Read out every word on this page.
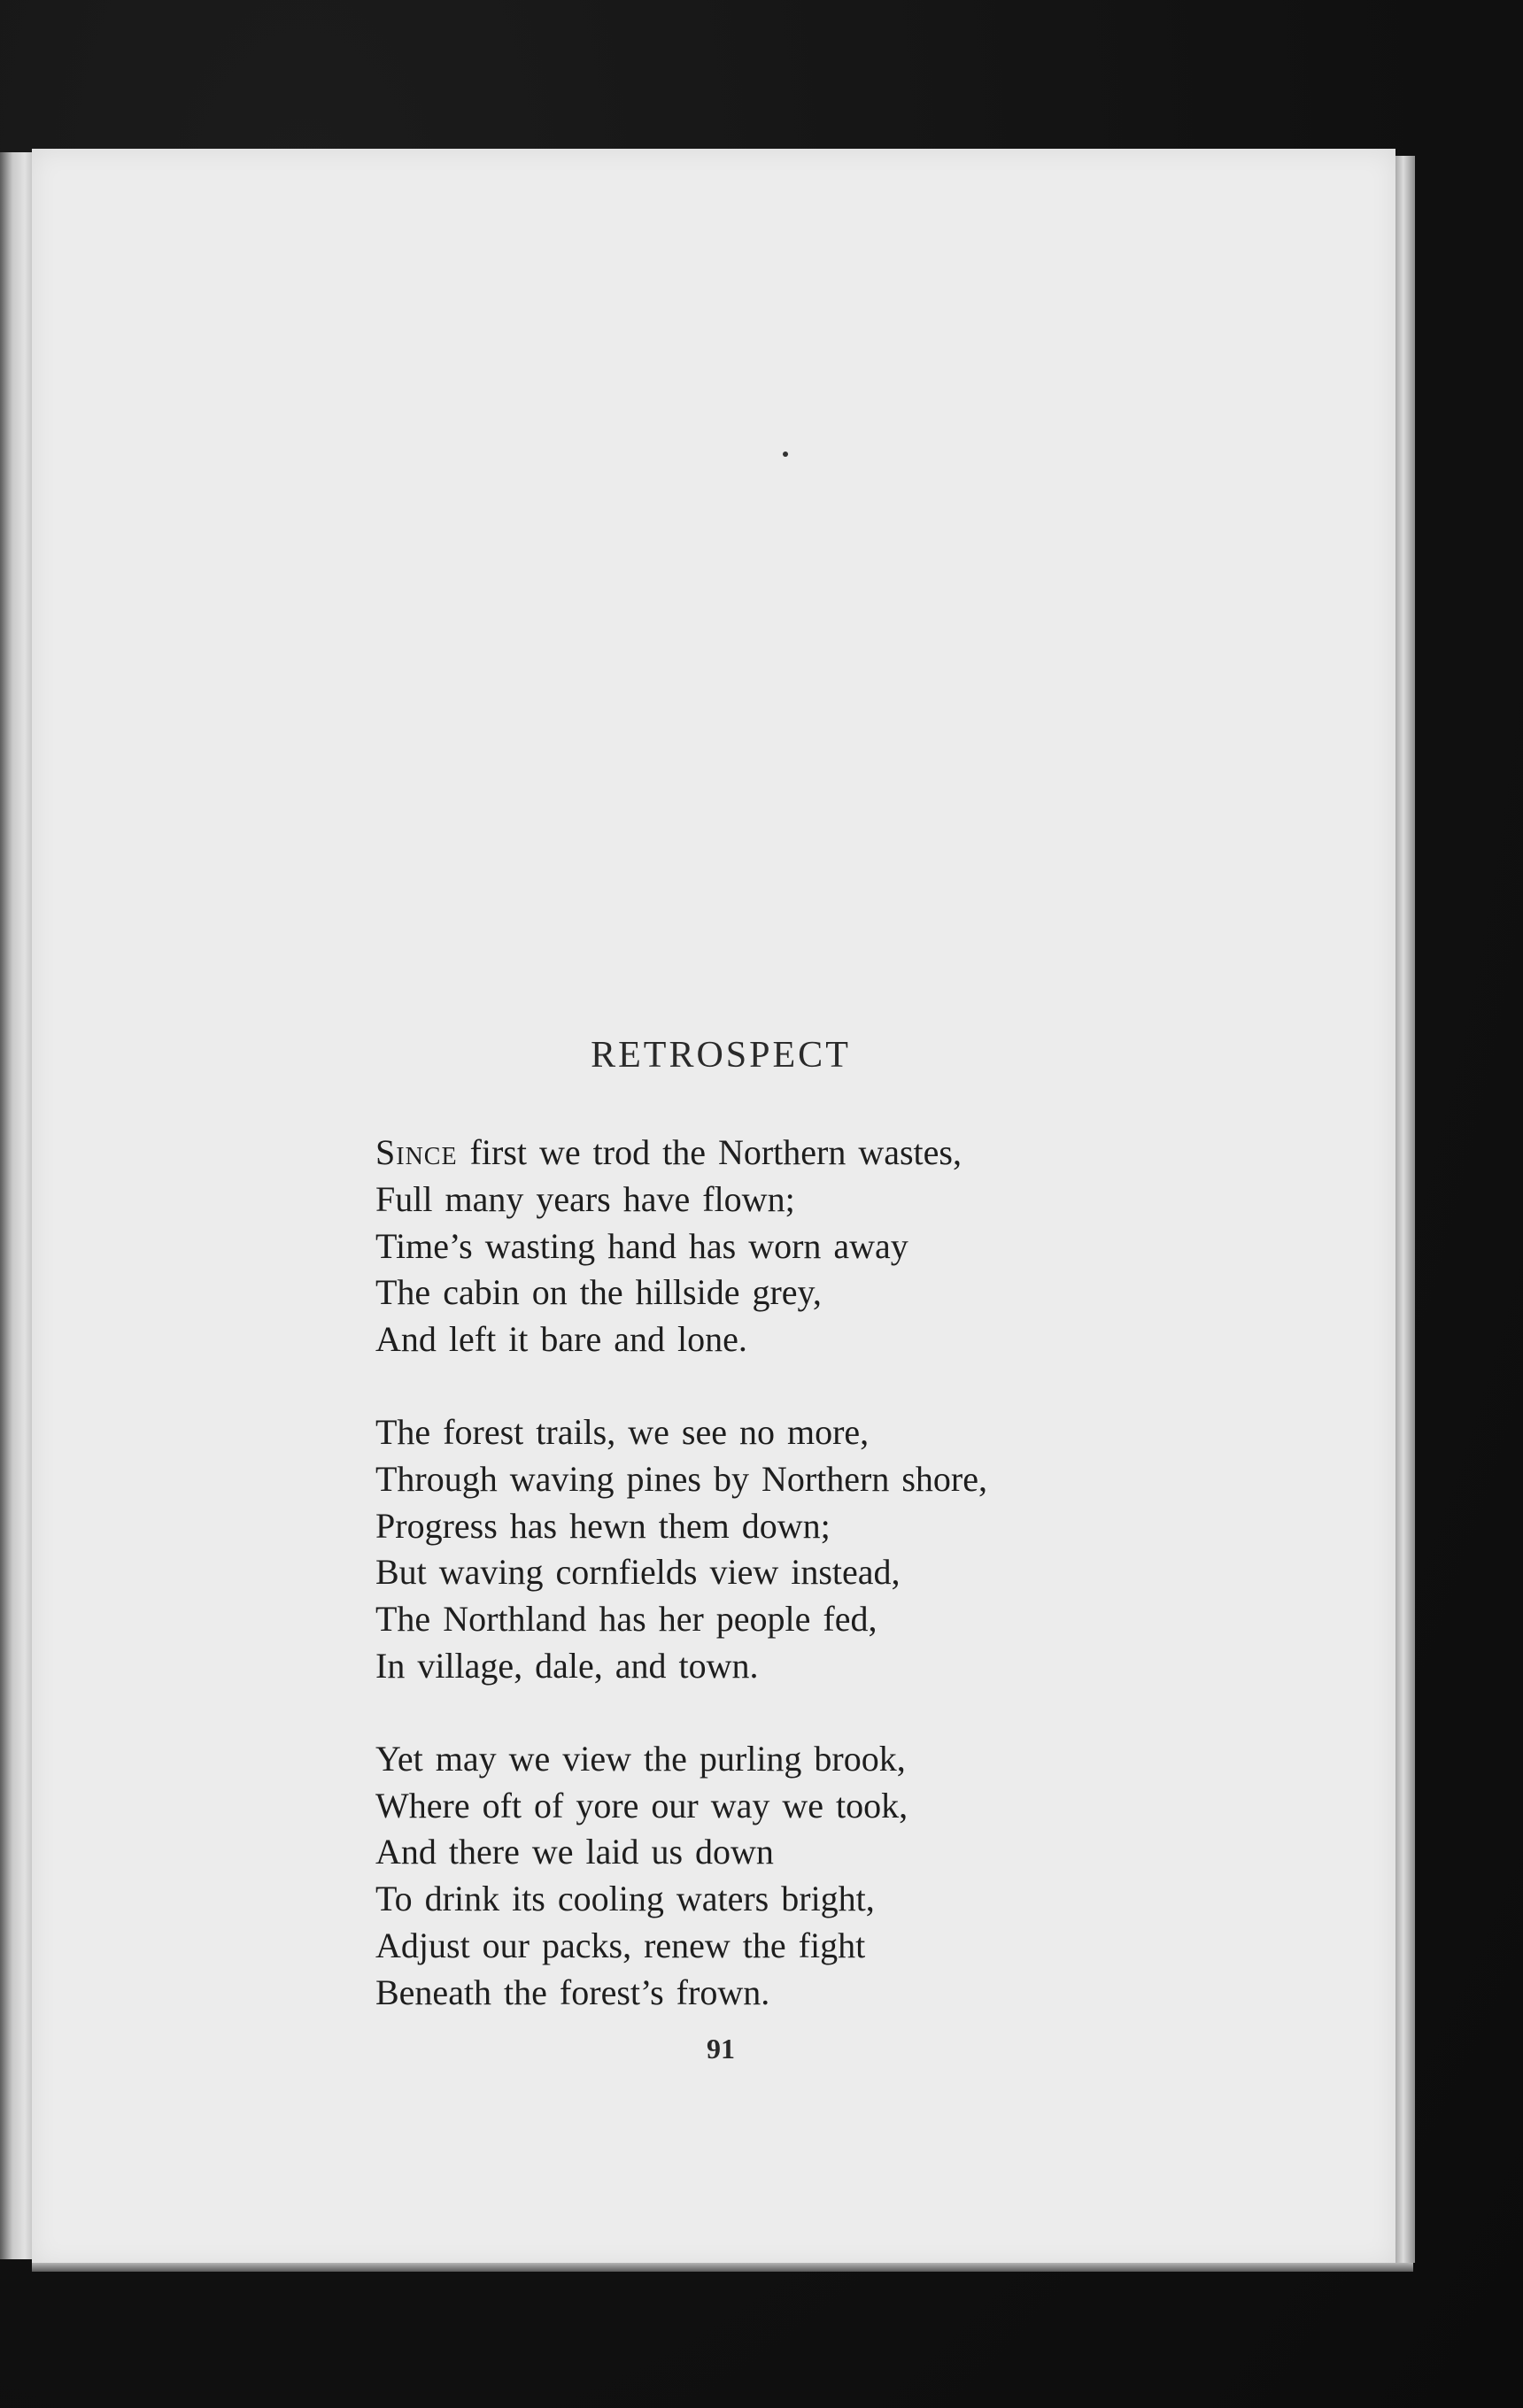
RETROSPECT
Since first we trod the Northern wastes,
Full many years have flown;
Time’s wasting hand has worn away
The cabin on the hillside grey,
And left it bare and lone.
The forest trails, we see no more,
Through waving pines by Northern shore,
Progress has hewn them down;
But waving cornfields view instead,
The Northland has her people fed,
In village, dale, and town.
Yet may we view the purling brook,
Where oft of yore our way we took,
And there we laid us down
To drink its cooling waters bright,
Adjust our packs, renew the fight
Beneath the forest’s frown.
91
